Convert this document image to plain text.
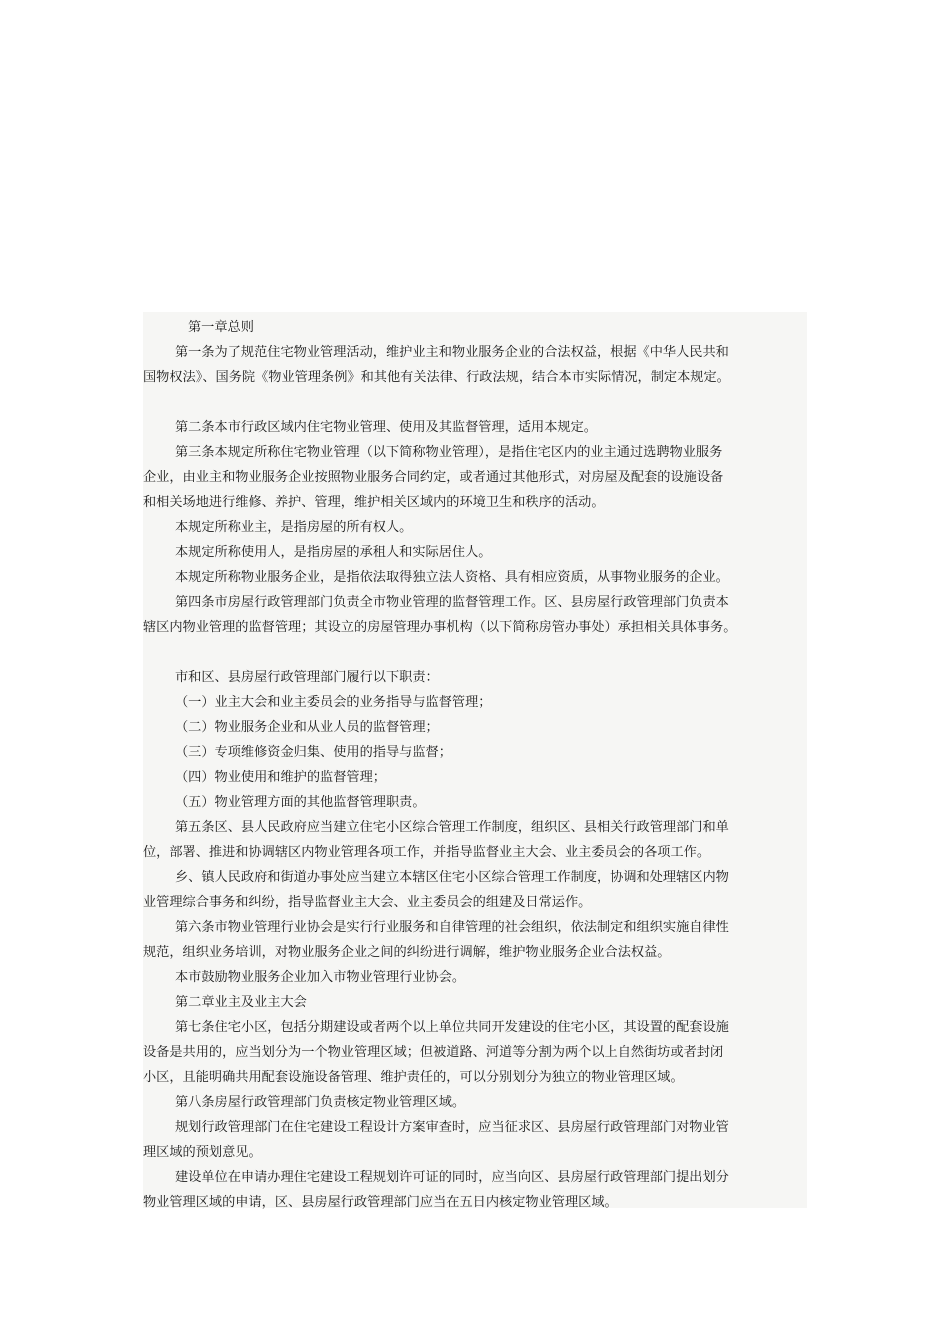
第一章总则
第一条为了规范住宅物业管理活动，维护业主和物业服务企业的合法权益，根据《中华人民共和
国物权法》、国务院《物业管理条例》和其他有关法律、行政法规，结合本市实际情况，制定本规定。
第二条本市行政区域内住宅物业管理、使用及其监督管理，适用本规定。
第三条本规定所称住宅物业管理（以下简称物业管理），是指住宅区内的业主通过选聘物业服务
企业，由业主和物业服务企业按照物业服务合同约定，或者通过其他形式，对房屋及配套的设施设备
和相关场地进行维修、养护、管理，维护相关区域内的环境卫生和秩序的活动。
本规定所称业主，是指房屋的所有权人。
本规定所称使用人，是指房屋的承租人和实际居住人。
本规定所称物业服务企业，是指依法取得独立法人资格、具有相应资质，从事物业服务的企业。
第四条市房屋行政管理部门负责全市物业管理的监督管理工作。区、县房屋行政管理部门负责本
辖区内物业管理的监督管理；其设立的房屋管理办事机构（以下简称房管办事处）承担相关具体事务。
市和区、县房屋行政管理部门履行以下职责：
（一）业主大会和业主委员会的业务指导与监督管理；
（二）物业服务企业和从业人员的监督管理；
（三）专项维修资金归集、使用的指导与监督；
（四）物业使用和维护的监督管理；
（五）物业管理方面的其他监督管理职责。
第五条区、县人民政府应当建立住宅小区综合管理工作制度，组织区、县相关行政管理部门和单
位，部署、推进和协调辖区内物业管理各项工作，并指导监督业主大会、业主委员会的各项工作。
乡、镇人民政府和街道办事处应当建立本辖区住宅小区综合管理工作制度，协调和处理辖区内物
业管理综合事务和纠纷，指导监督业主大会、业主委员会的组建及日常运作。
第六条市物业管理行业协会是实行行业服务和自律管理的社会组织，依法制定和组织实施自律性
规范，组织业务培训，对物业服务企业之间的纠纷进行调解，维护物业服务企业合法权益。
本市鼓励物业服务企业加入市物业管理行业协会。
第二章业主及业主大会
第七条住宅小区，包括分期建设或者两个以上单位共同开发建设的住宅小区，其设置的配套设施
设备是共用的，应当划分为一个物业管理区域；但被道路、河道等分割为两个以上自然街坊或者封闭
小区，且能明确共用配套设施设备管理、维护责任的，可以分别划分为独立的物业管理区域。
第八条房屋行政管理部门负责核定物业管理区域。
规划行政管理部门在住宅建设工程设计方案审查时，应当征求区、县房屋行政管理部门对物业管
理区域的预划意见。
建设单位在申请办理住宅建设工程规划许可证的同时，应当向区、县房屋行政管理部门提出划分
物业管理区域的申请，区、县房屋行政管理部门应当在五日内核定物业管理区域。
